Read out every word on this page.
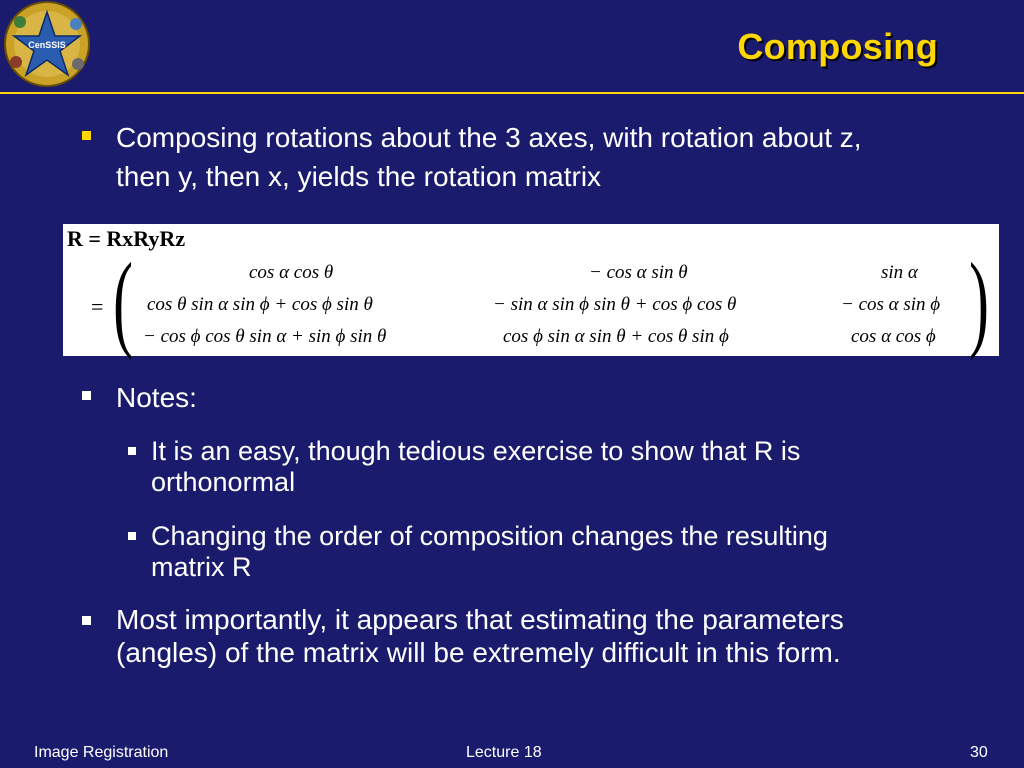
CenSSIS	Composing
Composing rotations about the 3 axes, with rotation about z, then y, then x, yields the rotation matrix
R = RxRyRz
= (	)
cos α cos θ	− cos α sin θ	sin α
cos θ sin α sin ϕ + cos ϕ sin θ	− sin α sin ϕ sin θ + cos ϕ cos θ	− cos α sin ϕ
− cos ϕ cos θ sin α + sin ϕ sin θ	cos ϕ sin α sin θ + cos θ sin ϕ	cos α cos ϕ
Notes:
It is an easy, though tedious exercise to show that R is orthonormal
Changing the order of composition changes the resulting matrix R
Most importantly, it appears that estimating the parameters (angles) of the matrix will be extremely difficult in this form.
Image Registration	Lecture 18	30
